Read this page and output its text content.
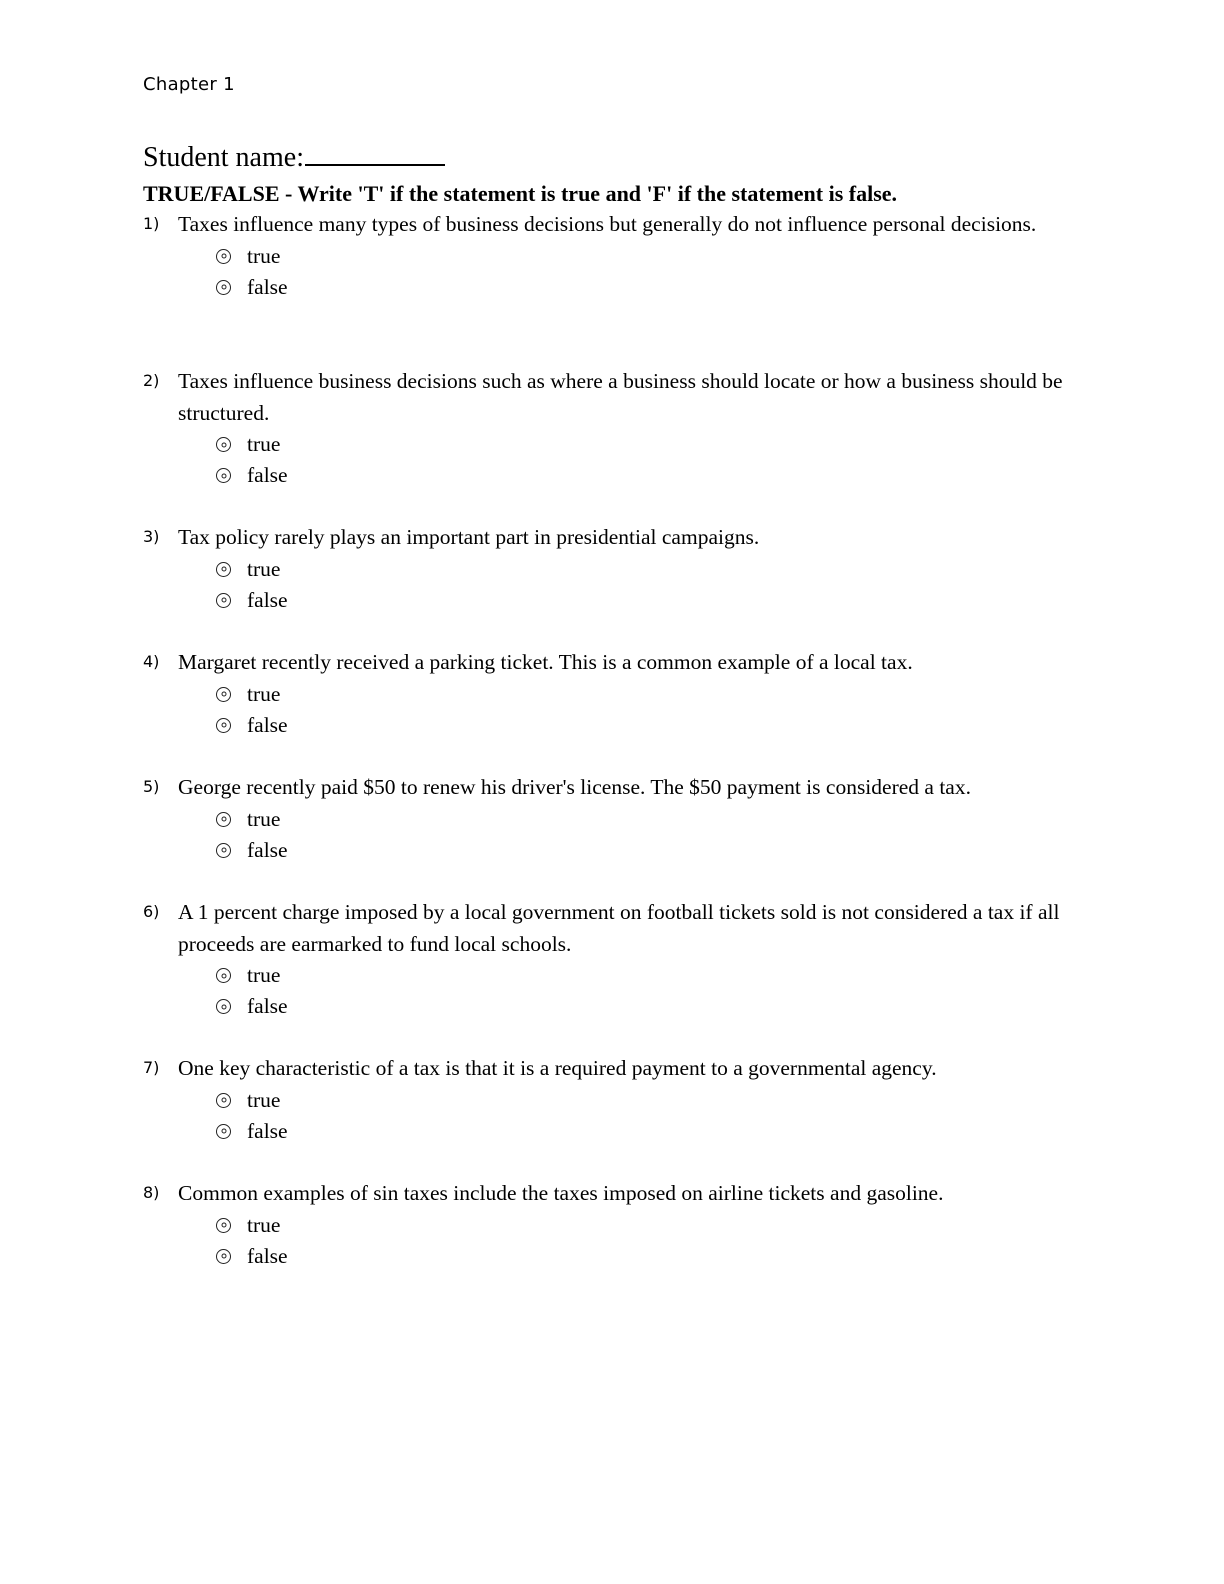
Chapter 1
Student name:
TRUE/FALSE - Write 'T' if the statement is true and 'F' if the statement is false.
1) Taxes influence many types of business decisions but generally do not influence personal decisions.
true
false
2) Taxes influence business decisions such as where a business should locate or how a business should be structured.
true
false
3) Tax policy rarely plays an important part in presidential campaigns.
true
false
4) Margaret recently received a parking ticket. This is a common example of a local tax.
true
false
5) George recently paid $50 to renew his driver's license. The $50 payment is considered a tax.
true
false
6) A 1 percent charge imposed by a local government on football tickets sold is not considered a tax if all proceeds are earmarked to fund local schools.
true
false
7) One key characteristic of a tax is that it is a required payment to a governmental agency.
true
false
8) Common examples of sin taxes include the taxes imposed on airline tickets and gasoline.
true
false
